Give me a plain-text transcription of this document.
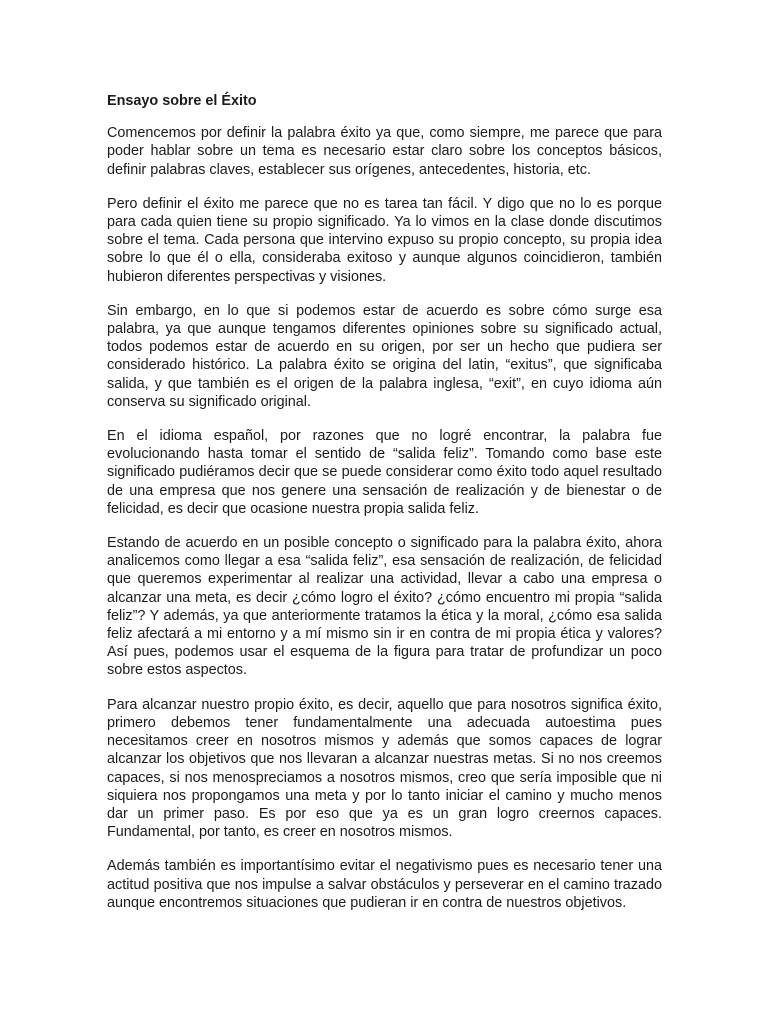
Ensayo sobre el Éxito

Comencemos por definir la palabra éxito ya que, como siempre, me parece que para poder hablar sobre un tema es necesario estar claro sobre los conceptos básicos, definir palabras claves, establecer sus orígenes, antecedentes, historia, etc.

Pero definir el éxito me parece que no es tarea tan fácil. Y digo que no lo es porque para cada quien tiene su propio significado. Ya lo vimos en la clase donde discutimos sobre el tema. Cada persona que intervino expuso su propio concepto, su propia idea sobre lo que él o ella, consideraba exitoso y aunque algunos coincidieron, también hubieron diferentes perspectivas y visiones.

Sin embargo, en lo que si podemos estar de acuerdo es sobre cómo surge esa palabra, ya que aunque tengamos diferentes opiniones sobre su significado actual, todos podemos estar de acuerdo en su origen, por ser un hecho que pudiera ser considerado histórico. La palabra éxito se origina del latin, “exitus”, que significaba salida, y que también es el origen de la palabra inglesa, “exit”, en cuyo idioma aún conserva su significado original.

En el idioma español, por razones que no logré encontrar, la palabra fue evolucionando hasta tomar el sentido de “salida feliz”. Tomando como base este significado pudiéramos decir que se puede considerar como éxito todo aquel resultado de una empresa que nos genere una sensación de realización y de bienestar o de felicidad, es decir que ocasione nuestra propia salida feliz.

Estando de acuerdo en un posible concepto o significado para la palabra éxito, ahora analicemos como llegar a esa “salida feliz”, esa sensación de realización, de felicidad que queremos experimentar al realizar una actividad, llevar a cabo una empresa o alcanzar una meta, es decir ¿cómo logro el éxito? ¿cómo encuentro mi propia “salida feliz”? Y además, ya que anteriormente tratamos la ética y la moral, ¿cómo esa salida feliz afectará a mi entorno y a mí mismo sin ir en contra de mi propia ética y valores? Así pues, podemos usar el esquema de la figura para tratar de profundizar un poco sobre estos aspectos.

Para alcanzar nuestro propio éxito, es decir, aquello que para nosotros significa éxito, primero debemos tener fundamentalmente una adecuada autoestima pues necesitamos creer en nosotros mismos y además que somos capaces de lograr alcanzar los objetivos que nos llevaran a alcanzar nuestras metas. Si no nos creemos capaces, si nos menospreciamos a nosotros mismos, creo que sería imposible que ni siquiera nos propongamos una meta y por lo tanto iniciar el camino y mucho menos dar un primer paso. Es por eso que ya es un gran logro creernos capaces. Fundamental, por tanto, es creer en nosotros mismos.

Además también es importantísimo evitar el negativismo pues es necesario tener una actitud positiva que nos impulse a salvar obstáculos y perseverar en el camino trazado aunque encontremos situaciones que pudieran ir en contra de nuestros objetivos.
